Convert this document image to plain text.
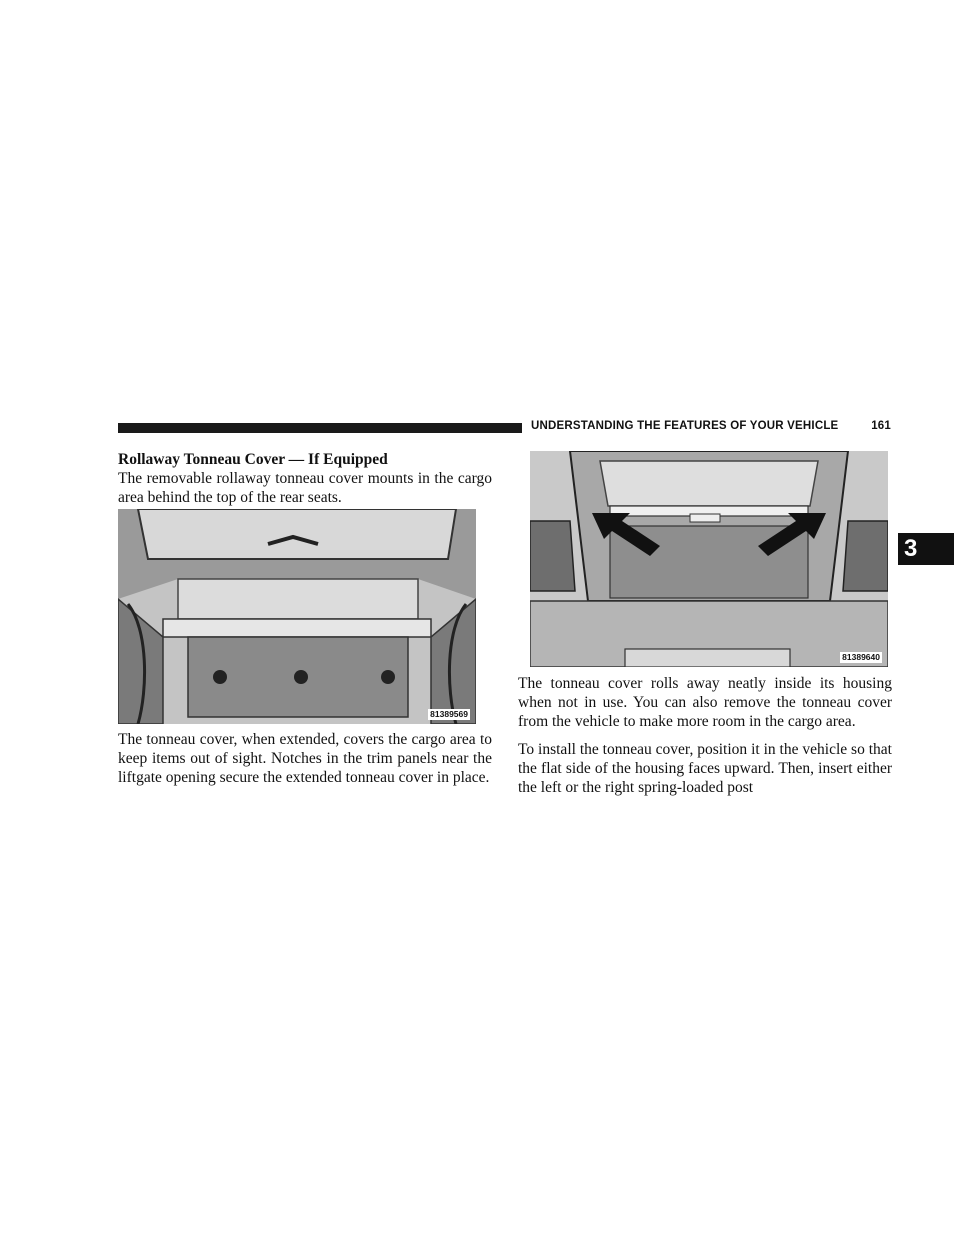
UNDERSTANDING THE FEATURES OF YOUR VEHICLE	161
3

Rollaway Tonneau Cover — If Equipped

The removable rollaway tonneau cover mounts in the cargo area behind the top of the rear seats.

81389569

The tonneau cover, when extended, covers the cargo area to keep items out of sight. Notches in the trim panels near the liftgate opening secure the extended tonneau cover in place.

81389640

The tonneau cover rolls away neatly inside its housing when not in use. You can also remove the tonneau cover from the vehicle to make more room in the cargo area.

To install the tonneau cover, position it in the vehicle so that the flat side of the housing faces upward. Then, insert either the left or the right spring-loaded post
